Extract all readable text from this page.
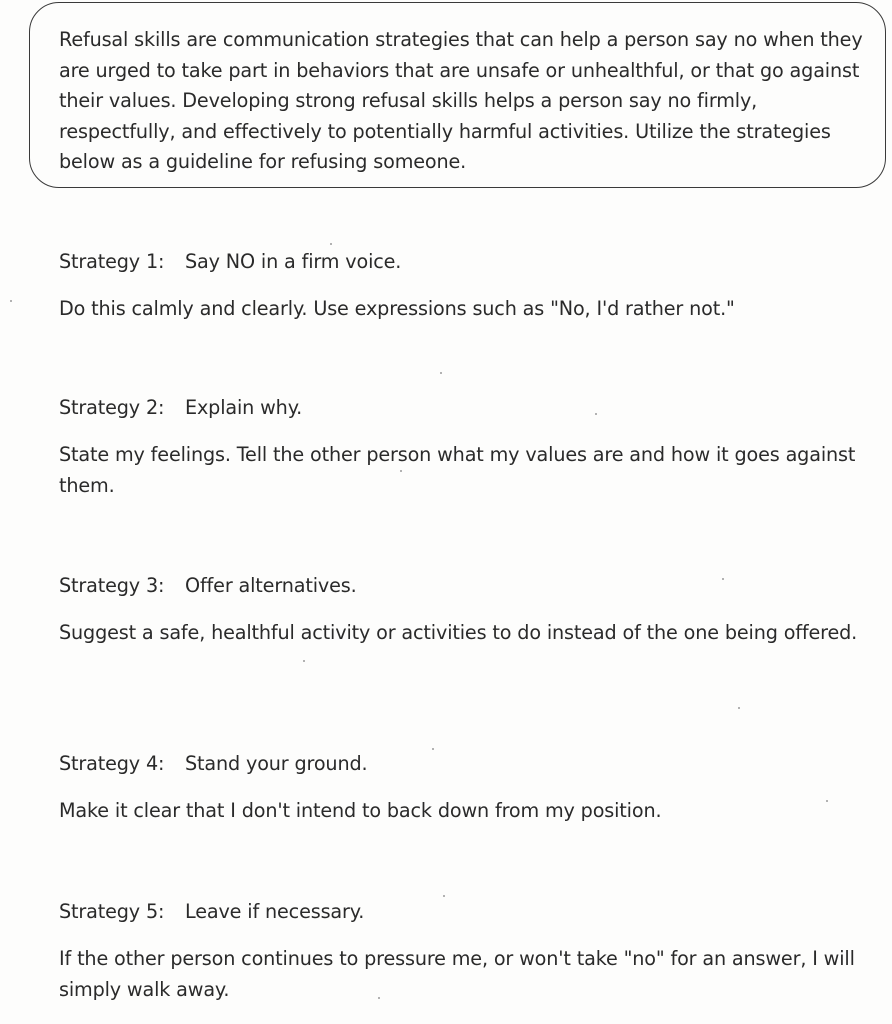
Refusal skills are communication strategies that can help a person say no when they are urged to take part in behaviors that are unsafe or unhealthful, or that go against their values. Developing strong refusal skills helps a person say no firmly, respectfully, and effectively to potentially harmful activities. Utilize the strategies below as a guideline for refusing someone.

Strategy 1: Say NO in a firm voice.

Do this calmly and clearly. Use expressions such as "No, I'd rather not."

Strategy 2: Explain why.

State my feelings. Tell the other person what my values are and how it goes against them.

Strategy 3: Offer alternatives.

Suggest a safe, healthful activity or activities to do instead of the one being offered.

Strategy 4: Stand your ground.

Make it clear that I don't intend to back down from my position.

Strategy 5: Leave if necessary.

If the other person continues to pressure me, or won't take "no" for an answer, I will simply walk away.
